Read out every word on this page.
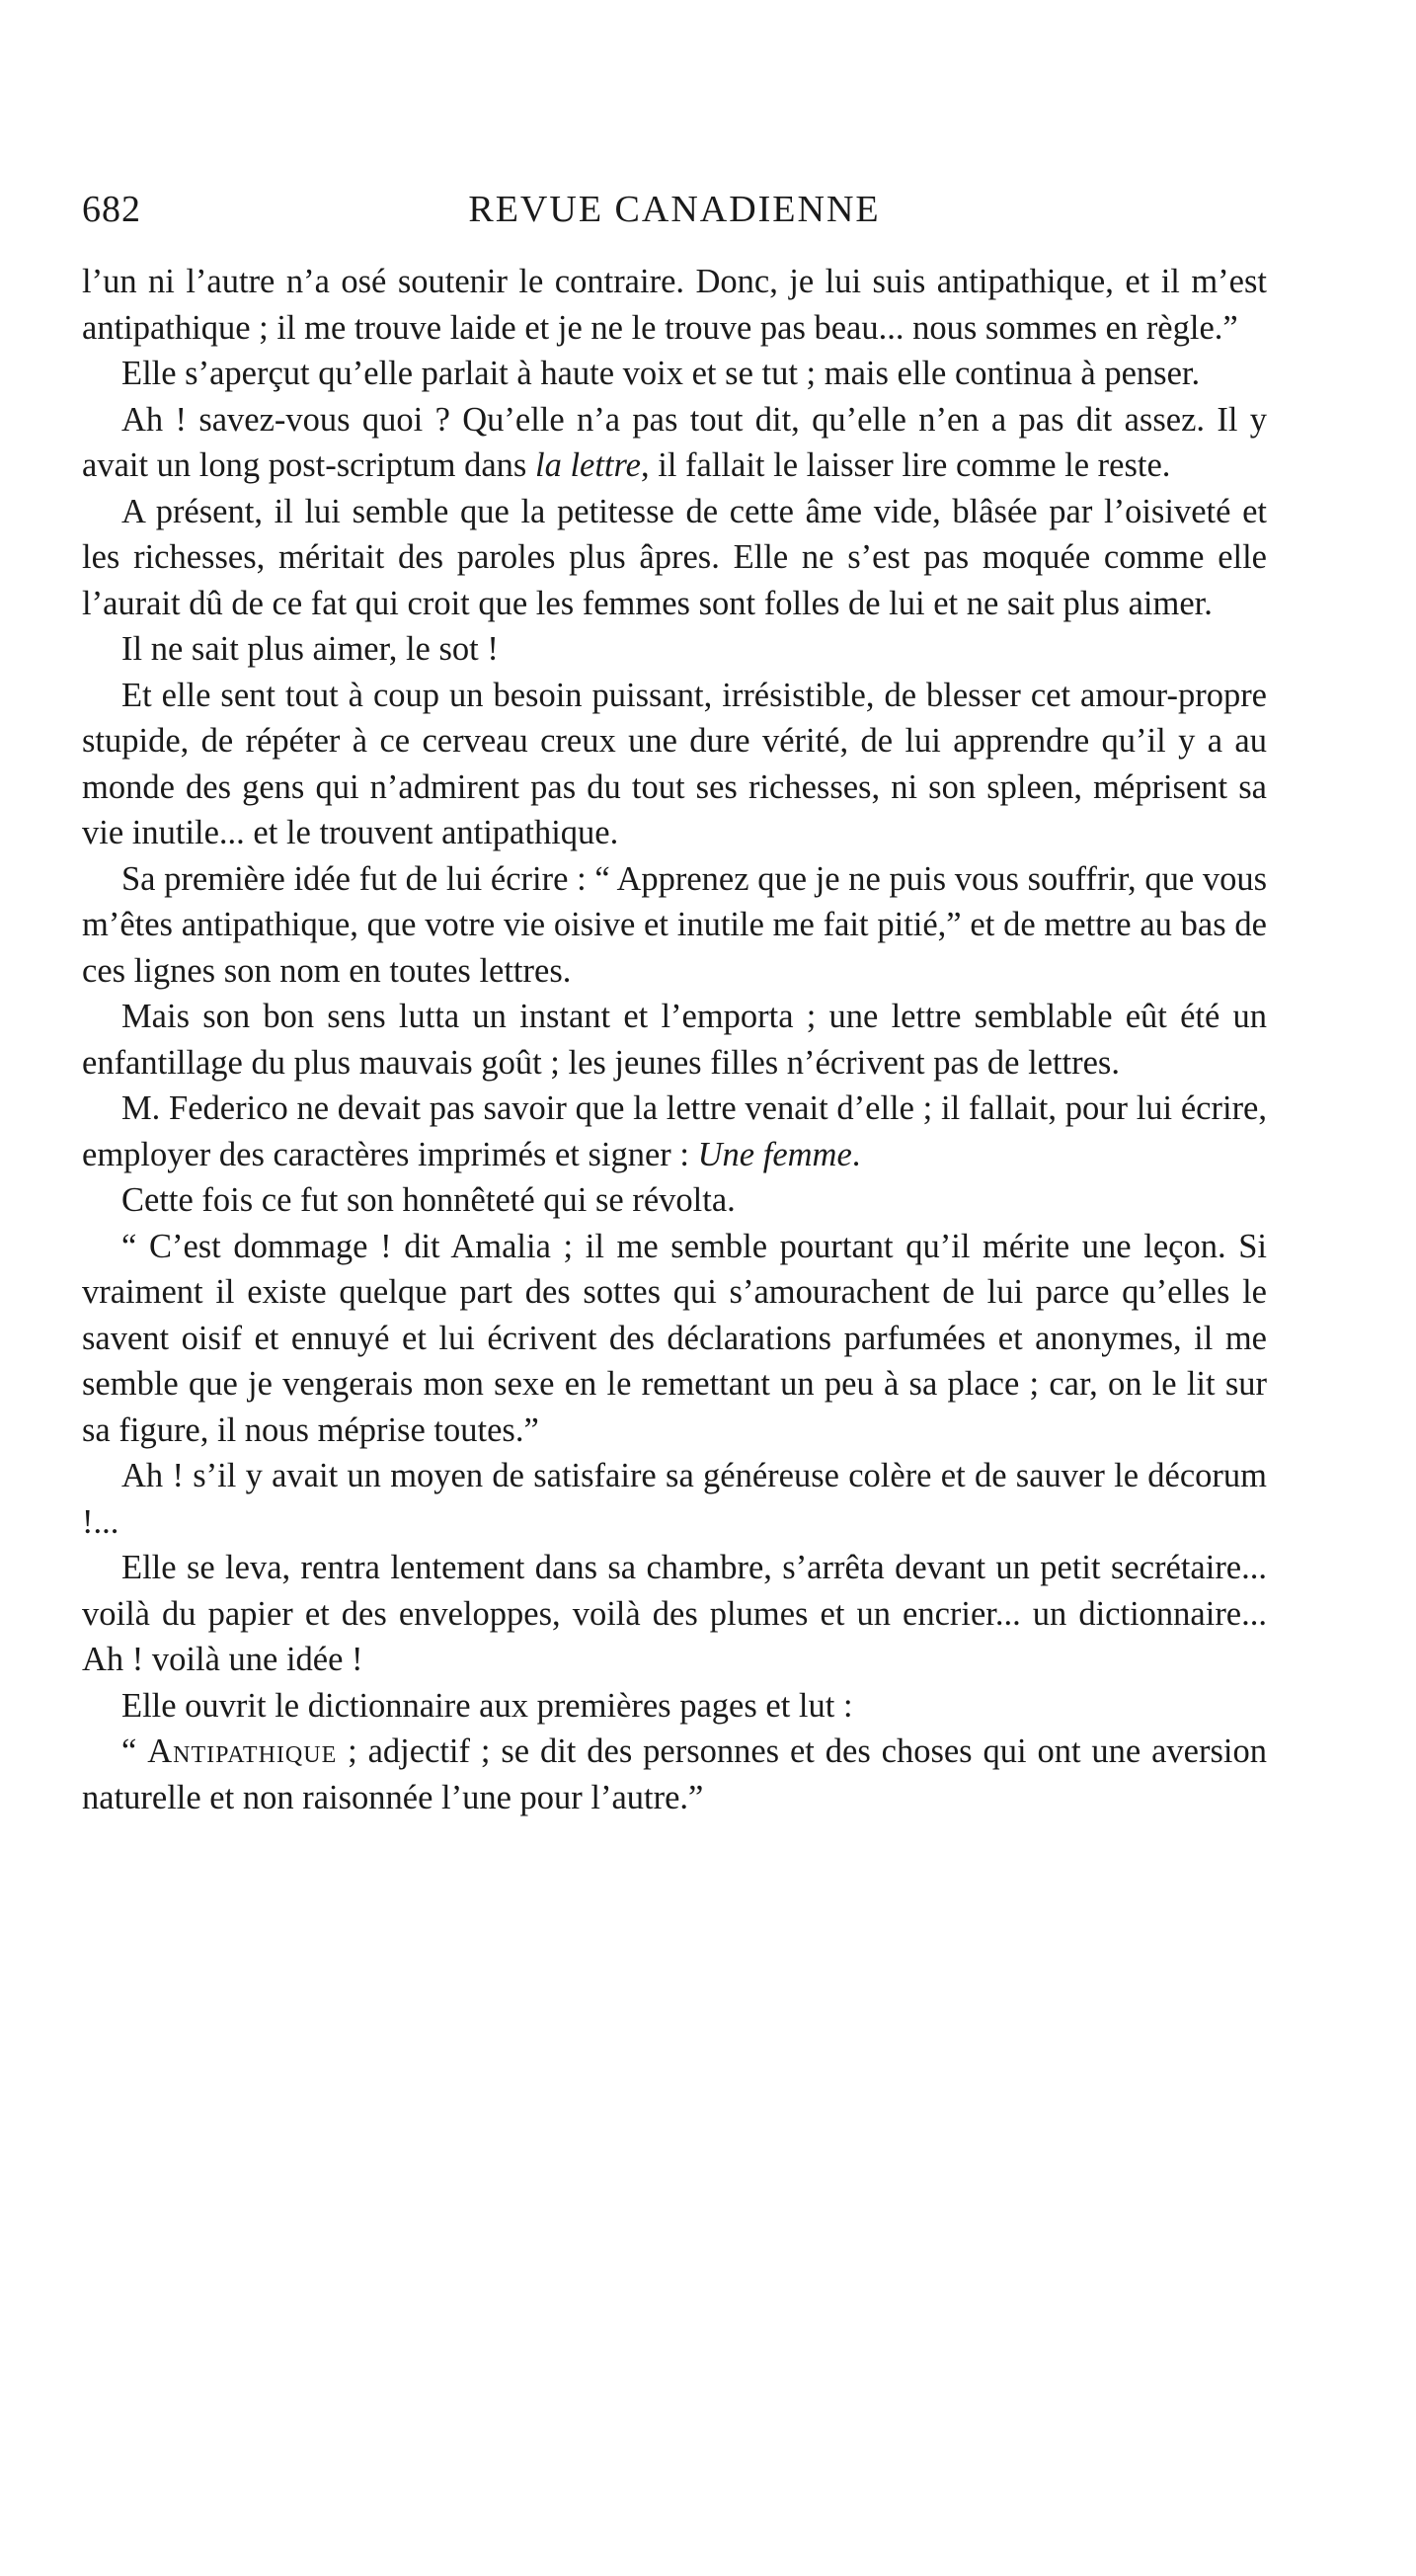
682	REVUE CANADIENNE

l’un ni l’autre n’a osé soutenir le contraire. Donc, je lui suis antipathique, et il m’est antipathique ; il me trouve laide et je ne le trouve pas beau... nous sommes en règle.”

Elle s’aperçut qu’elle parlait à haute voix et se tut ; mais elle continua à penser.

Ah ! savez-vous quoi ? Qu’elle n’a pas tout dit, qu’elle n’en a pas dit assez. Il y avait un long post-scriptum dans la lettre, il fallait le laisser lire comme le reste.

A présent, il lui semble que la petitesse de cette âme vide, blâsée par l’oisiveté et les richesses, méritait des paroles plus âpres. Elle ne s’est pas moquée comme elle l’aurait dû de ce fat qui croit que les femmes sont folles de lui et ne sait plus aimer.

Il ne sait plus aimer, le sot !

Et elle sent tout à coup un besoin puissant, irrésistible, de blesser cet amour-propre stupide, de répéter à ce cerveau creux une dure vérité, de lui apprendre qu’il y a au monde des gens qui n’admirent pas du tout ses richesses, ni son spleen, méprisent sa vie inutile... et le trouvent antipathique.

Sa première idée fut de lui écrire : “ Apprenez que je ne puis vous souffrir, que vous m’êtes antipathique, que votre vie oisive et inutile me fait pitié,” et de mettre au bas de ces lignes son nom en toutes lettres.

Mais son bon sens lutta un instant et l’emporta ; une lettre semblable eût été un enfantillage du plus mauvais goût ; les jeunes filles n’écrivent pas de lettres.

M. Federico ne devait pas savoir que la lettre venait d’elle ; il fallait, pour lui écrire, employer des caractères imprimés et signer : Une femme.

Cette fois ce fut son honnêteté qui se révolta.

“ C’est dommage ! dit Amalia ; il me semble pourtant qu’il mérite une leçon. Si vraiment il existe quelque part des sottes qui s’amourachent de lui parce qu’elles le savent oisif et ennuyé et lui écrivent des déclarations parfumées et anonymes, il me semble que je vengerais mon sexe en le remettant un peu à sa place ; car, on le lit sur sa figure, il nous méprise toutes.”

Ah ! s’il y avait un moyen de satisfaire sa généreuse colère et de sauver le décorum !...

Elle se leva, rentra lentement dans sa chambre, s’arrêta devant un petit secrétaire... voilà du papier et des enveloppes, voilà des plumes et un encrier... un dictionnaire... Ah ! voilà une idée !

Elle ouvrit le dictionnaire aux premières pages et lut :

“ Antipathique ; adjectif ; se dit des personnes et des choses qui ont une aversion naturelle et non raisonnée l’une pour l’autre.”
